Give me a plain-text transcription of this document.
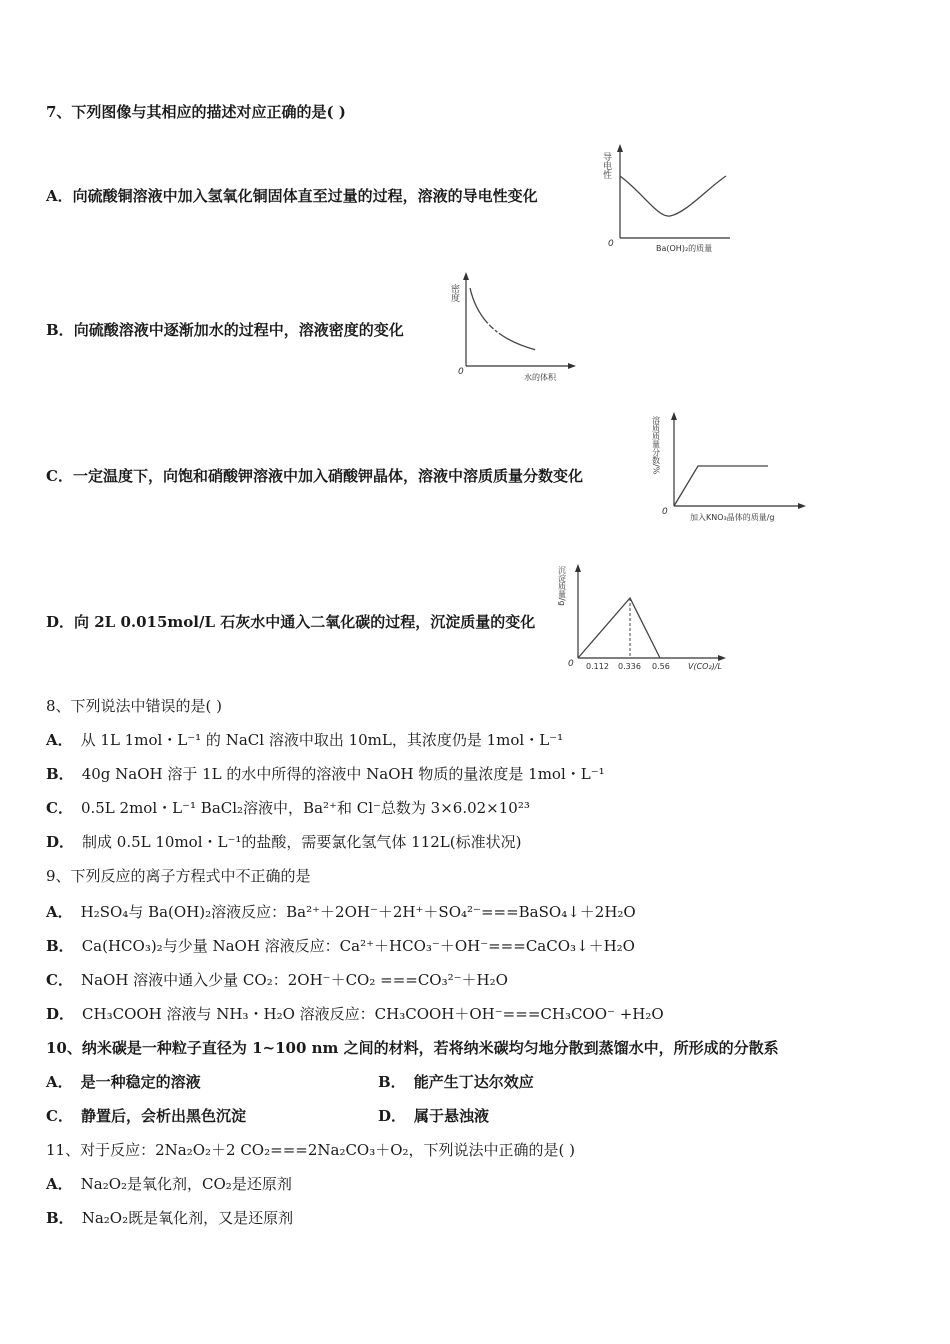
7、下列图像与其相应的描述对应正确的是( )
A．向硫酸铜溶液中加入氢氧化铜固体直至过量的过程，溶液的导电性变化
导电性
0	Ba(OH)₂的质量
B．向硫酸溶液中逐渐加水的过程中，溶液密度的变化
密度
0
水的体积
C．一定温度下，向饱和硝酸钾溶液中加入硝酸钾晶体，溶液中溶质质量分数变化
溶质质量分数/%
0
加入KNO₃晶体的质量/g
D．向 2L 0.015mol/L 石灰水中通入二氧化碳的过程，沉淀质量的变化
沉淀质量/g
0 0.112 0.336 0.56 V(CO₂)/L
8、下列说法中错误的是( )
A． 从 1L 1mol・L⁻¹ 的 NaCl 溶液中取出 10mL，其浓度仍是 1mol・L⁻¹
B． 40g NaOH 溶于 1L 的水中所得的溶液中 NaOH 物质的量浓度是 1mol・L⁻¹
C． 0.5L 2mol・L⁻¹ BaCl₂溶液中，Ba²⁺和 Cl⁻总数为 3×6.02×10²³
D． 制成 0.5L 10mol・L⁻¹的盐酸，需要氯化氢气体 112L(标准状况)
9、下列反应的离子方程式中不正确的是
A． H₂SO₄与 Ba(OH)₂溶液反应：Ba²⁺＋2OH⁻＋2H⁺＋SO₄²⁻===BaSO₄↓＋2H₂O
B． Ca(HCO₃)₂与少量 NaOH 溶液反应：Ca²⁺＋HCO₃⁻＋OH⁻===CaCO₃↓＋H₂O
C． NaOH 溶液中通入少量 CO₂：2OH⁻＋CO₂ ===CO₃²⁻＋H₂O
D． CH₃COOH 溶液与 NH₃・H₂O 溶液反应：CH₃COOH＋OH⁻===CH₃COO⁻ +H₂O
10、纳米碳是一种粒子直径为 1~100 nm 之间的材料，若将纳米碳均匀地分散到蒸馏水中，所形成的分散系
A． 是一种稳定的溶液	B． 能产生丁达尔效应
C． 静置后，会析出黑色沉淀	D． 属于悬浊液
11、对于反应：2Na₂O₂＋2 CO₂===2Na₂CO₃＋O₂，下列说法中正确的是( )
A． Na₂O₂是氧化剂，CO₂是还原剂
B． Na₂O₂既是氧化剂，又是还原剂
